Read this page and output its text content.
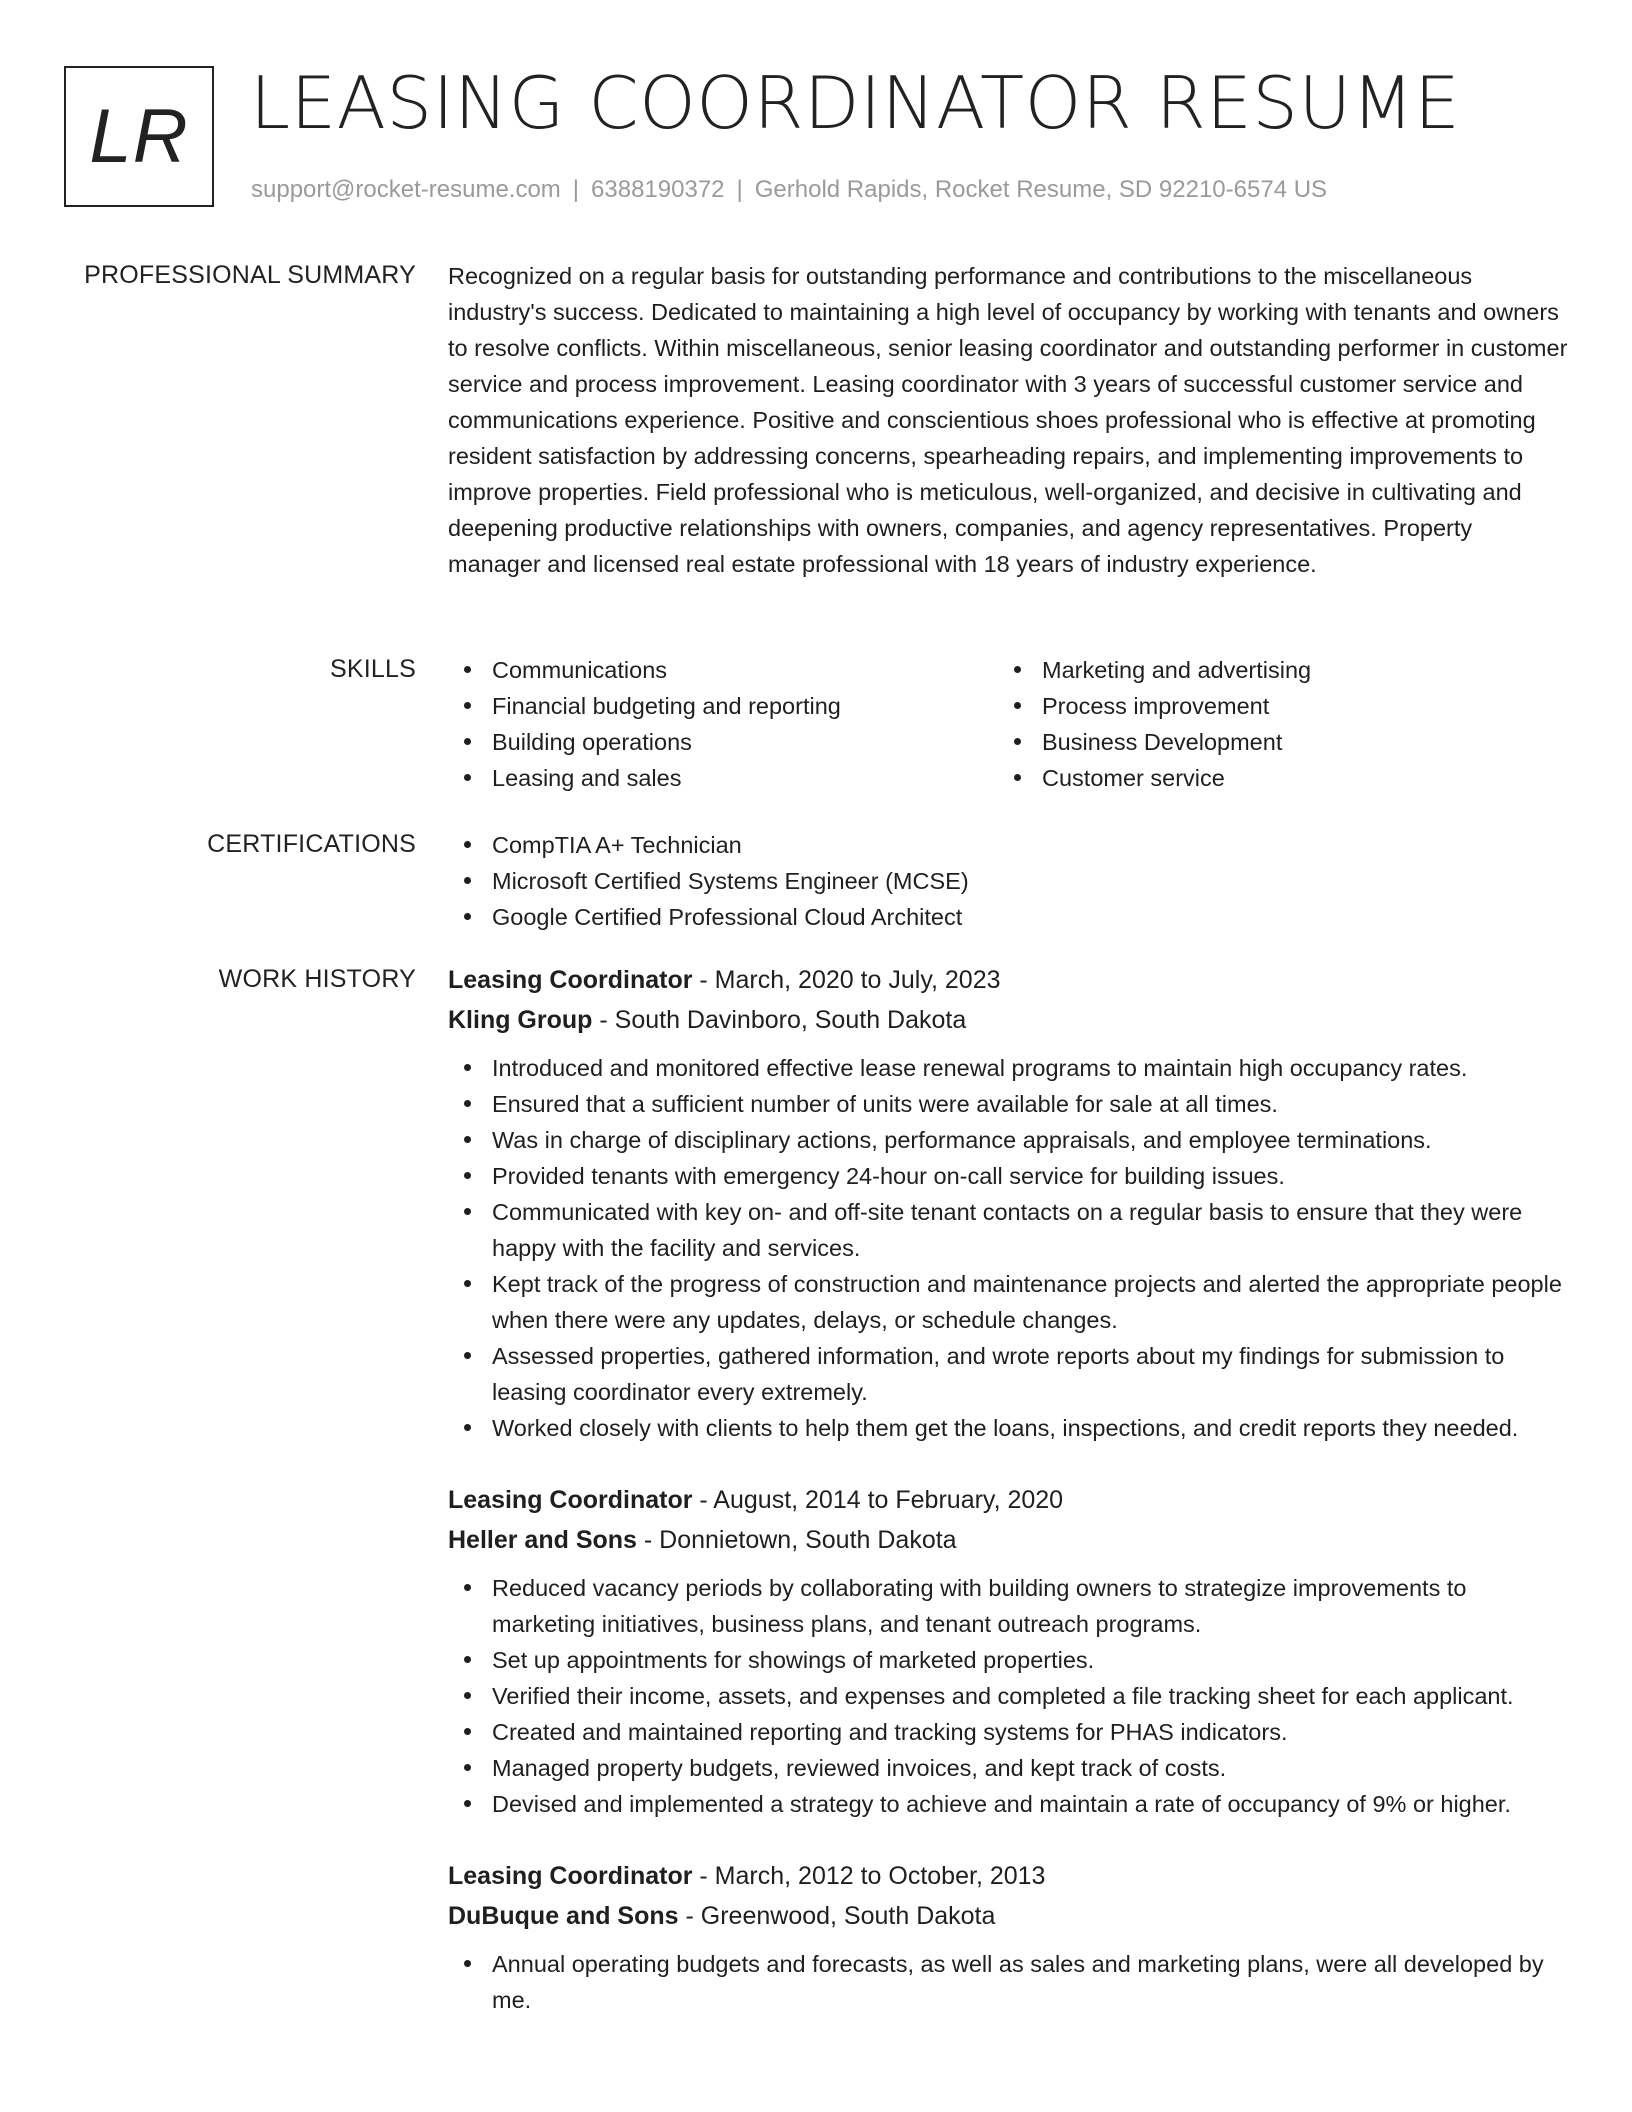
LR LEASING COORDINATOR RESUME
support@rocket-resume.com | 6388190372 | Gerhold Rapids, Rocket Resume, SD 92210-6574 US
PROFESSIONAL SUMMARY Recognized on a regular basis for outstanding performance and contributions to the miscellaneous industry's success. Dedicated to maintaining a high level of occupancy by working with tenants and owners to resolve conflicts. Within miscellaneous, senior leasing coordinator and outstanding performer in customer service and process improvement. Leasing coordinator with 3 years of successful customer service and communications experience. Positive and conscientious shoes professional who is effective at promoting resident satisfaction by addressing concerns, spearheading repairs, and implementing improvements to improve properties. Field professional who is meticulous, well-organized, and decisive in cultivating and deepening productive relationships with owners, companies, and agency representatives. Property manager and licensed real estate professional with 18 years of industry experience.

SKILLS	Communications
Financial budgeting and reporting
Building operations
Leasing and sales
Marketing and advertising
Process improvement
Business Development
Customer service
CERTIFICATIONS	CompTIA A+ Technician
Microsoft Certified Systems Engineer (MCSE)
Google Certified Professional Cloud Architect
WORK HISTORY Leasing Coordinator - March, 2020 to July, 2023
Kling Group - South Davinboro, South Dakota
Introduced and monitored effective lease renewal programs to maintain high occupancy rates.
Ensured that a sufficient number of units were available for sale at all times.
Was in charge of disciplinary actions, performance appraisals, and employee terminations.
Provided tenants with emergency 24-hour on-call service for building issues.
Communicated with key on- and off-site tenant contacts on a regular basis to ensure that they were happy with the facility and services.
Kept track of the progress of construction and maintenance projects and alerted the appropriate people when there were any updates, delays, or schedule changes.
Assessed properties, gathered information, and wrote reports about my findings for submission to leasing coordinator every extremely.
Worked closely with clients to help them get the loans, inspections, and credit reports they needed.
Leasing Coordinator - August, 2014 to February, 2020
Heller and Sons - Donnietown, South Dakota
Reduced vacancy periods by collaborating with building owners to strategize improvements to marketing initiatives, business plans, and tenant outreach programs.
Set up appointments for showings of marketed properties.
Verified their income, assets, and expenses and completed a file tracking sheet for each applicant.
Created and maintained reporting and tracking systems for PHAS indicators.
Managed property budgets, reviewed invoices, and kept track of costs.
Devised and implemented a strategy to achieve and maintain a rate of occupancy of 9% or higher.
Leasing Coordinator - March, 2012 to October, 2013
DuBuque and Sons - Greenwood, South Dakota
Annual operating budgets and forecasts, as well as sales and marketing plans, were all developed by me.
